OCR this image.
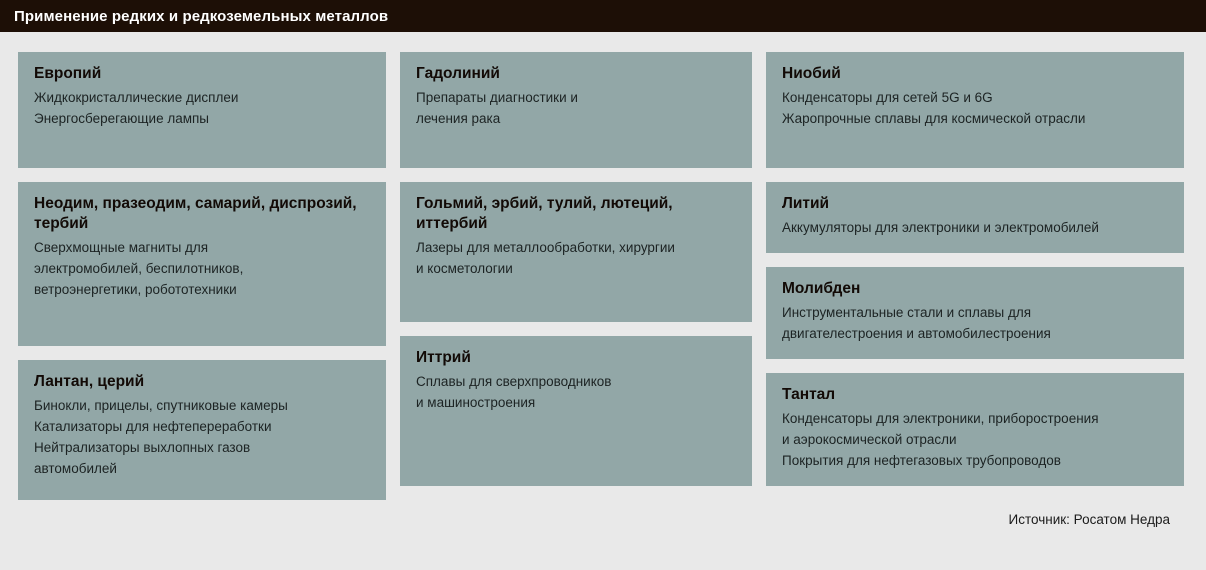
Применение редких и редкоземельных металлов
Европий
Жидкокристаллические дисплеи
Энергосберегающие лампы
Неодим, празеодим, самарий, диспрозий, тербий
Сверхмощные магниты для
электромобилей, беспилотников,
ветроэнергетики, робототехники
Лантан, церий
Бинокли, прицелы, спутниковые камеры
Катализаторы для нефтепереработки
Нейтрализаторы выхлопных газов
автомобилей
Гадолиний
Препараты диагностики и
лечения рака
Гольмий, эрбий, тулий, лютеций, иттербий
Лазеры для металлообработки, хирургии
и косметологии
Иттрий
Сплавы для сверхпроводников
и машиностроения
Ниобий
Конденсаторы для сетей 5G и 6G
Жаропрочные сплавы для космической отрасли
Литий
Аккумуляторы для электроники и электромобилей
Молибден
Инструментальные стали и сплавы для
двигателестроения и автомобилестроения
Тантал
Конденсаторы для электроники, приборостроения
и аэрокосмической отрасли
Покрытия для нефтегазовых трубопроводов
Источник: Росатом Недра
